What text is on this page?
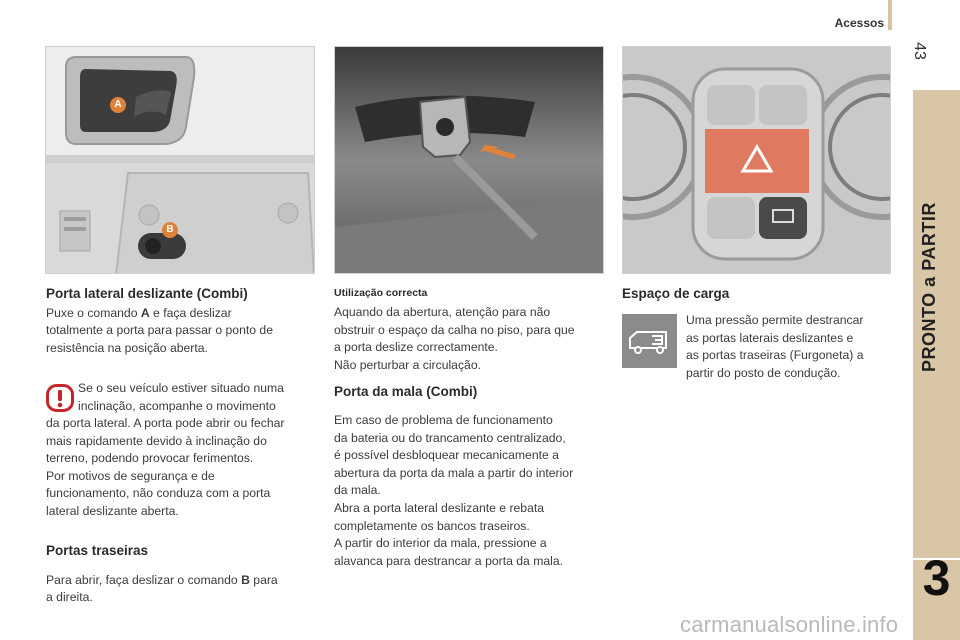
Acessos
43
PRONTO a PARTIR
3
A
B
Porta lateral deslizante (Combi)
Puxe o comando A e faça deslizar
totalmente a porta para passar o ponto de
resistência na posição aberta.
Se o seu veículo estiver situado numa
inclinação, acompanhe o movimento
da porta lateral. A porta pode abrir ou fechar
mais rapidamente devido à inclinação do
terreno, podendo provocar ferimentos.
Por motivos de segurança e de
funcionamento, não conduza com a porta
lateral deslizante aberta.
Portas traseiras
Para abrir, faça deslizar o comando B para
a direita.
Utilização correcta
Aquando da abertura, atenção para não
obstruir o espaço da calha no piso, para que
a porta deslize correctamente.
Não perturbar a circulação.
Porta da mala (Combi)
Em caso de problema de funcionamento
da bateria ou do trancamento centralizado,
é possível desbloquear mecanicamente a
abertura da porta da mala a partir do interior
da mala.
Abra a porta lateral deslizante e rebata
completamente os bancos traseiros.
A partir do interior da mala, pressione a
alavanca para destrancar a porta da mala.
Espaço de carga
Uma pressão permite destrancar
as portas laterais deslizantes e
as portas traseiras (Furgoneta) a
partir do posto de condução.
carmanualsonline.info
